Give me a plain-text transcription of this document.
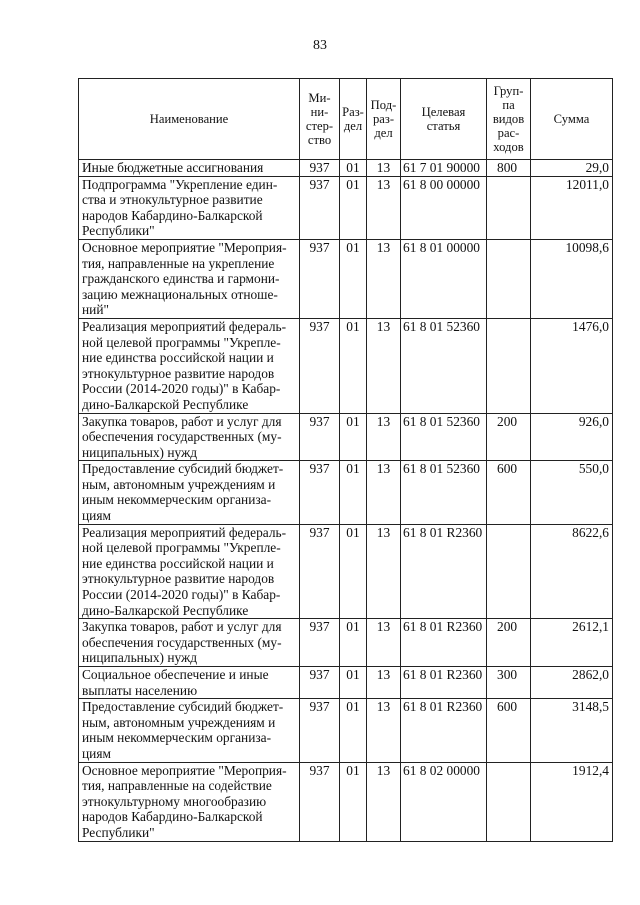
83
Наименование	Ми-
ни-
стер-
ство	Раз-
дел	Под-
раз-
дел	Целевая
статья	Груп-
па
видов
рас-
ходов	Сумма
Иные бюджетные ассигнования	937	01	13	61 7 01 90000	800	29,0
Подпрограмма "Укрепление един-ства и этнокультурное развитие народов Кабардино-Балкарской Республики"	937	01	13	61 8 00 00000		12011,0
Основное мероприятие "Мероприя-тия, направленные на укрепление гражданского единства и гармони-зацию межнациональных отноше-ний"	937	01	13	61 8 01 00000		10098,6
Реализация мероприятий федераль-ной целевой программы "Укрепле-ние единства российской нации и этнокультурное развитие народов России (2014-2020 годы)" в Кабар-дино-Балкарской Республике	937	01	13	61 8 01 52360		1476,0
Закупка товаров, работ и услуг для обеспечения государственных (му-ниципальных) нужд	937	01	13	61 8 01 52360	200	926,0
Предоставление субсидий бюджет-ным, автономным учреждениям и иным некоммерческим организа-циям	937	01	13	61 8 01 52360	600	550,0
Реализация мероприятий федераль-ной целевой программы "Укрепле-ние единства российской нации и этнокультурное развитие народов России (2014-2020 годы)" в Кабар-дино-Балкарской Республике	937	01	13	61 8 01 R2360		8622,6
Закупка товаров, работ и услуг для обеспечения государственных (му-ниципальных) нужд	937	01	13	61 8 01 R2360	200	2612,1
Социальное обеспечение и иные выплаты населению	937	01	13	61 8 01 R2360	300	2862,0
Предоставление субсидий бюджет-ным, автономным учреждениям и иным некоммерческим организа-циям	937	01	13	61 8 01 R2360	600	3148,5
Основное мероприятие "Мероприя-тия, направленные на содействие этнокультурному многообразию народов Кабардино-Балкарской Республики"	937	01	13	61 8 02 00000		1912,4
